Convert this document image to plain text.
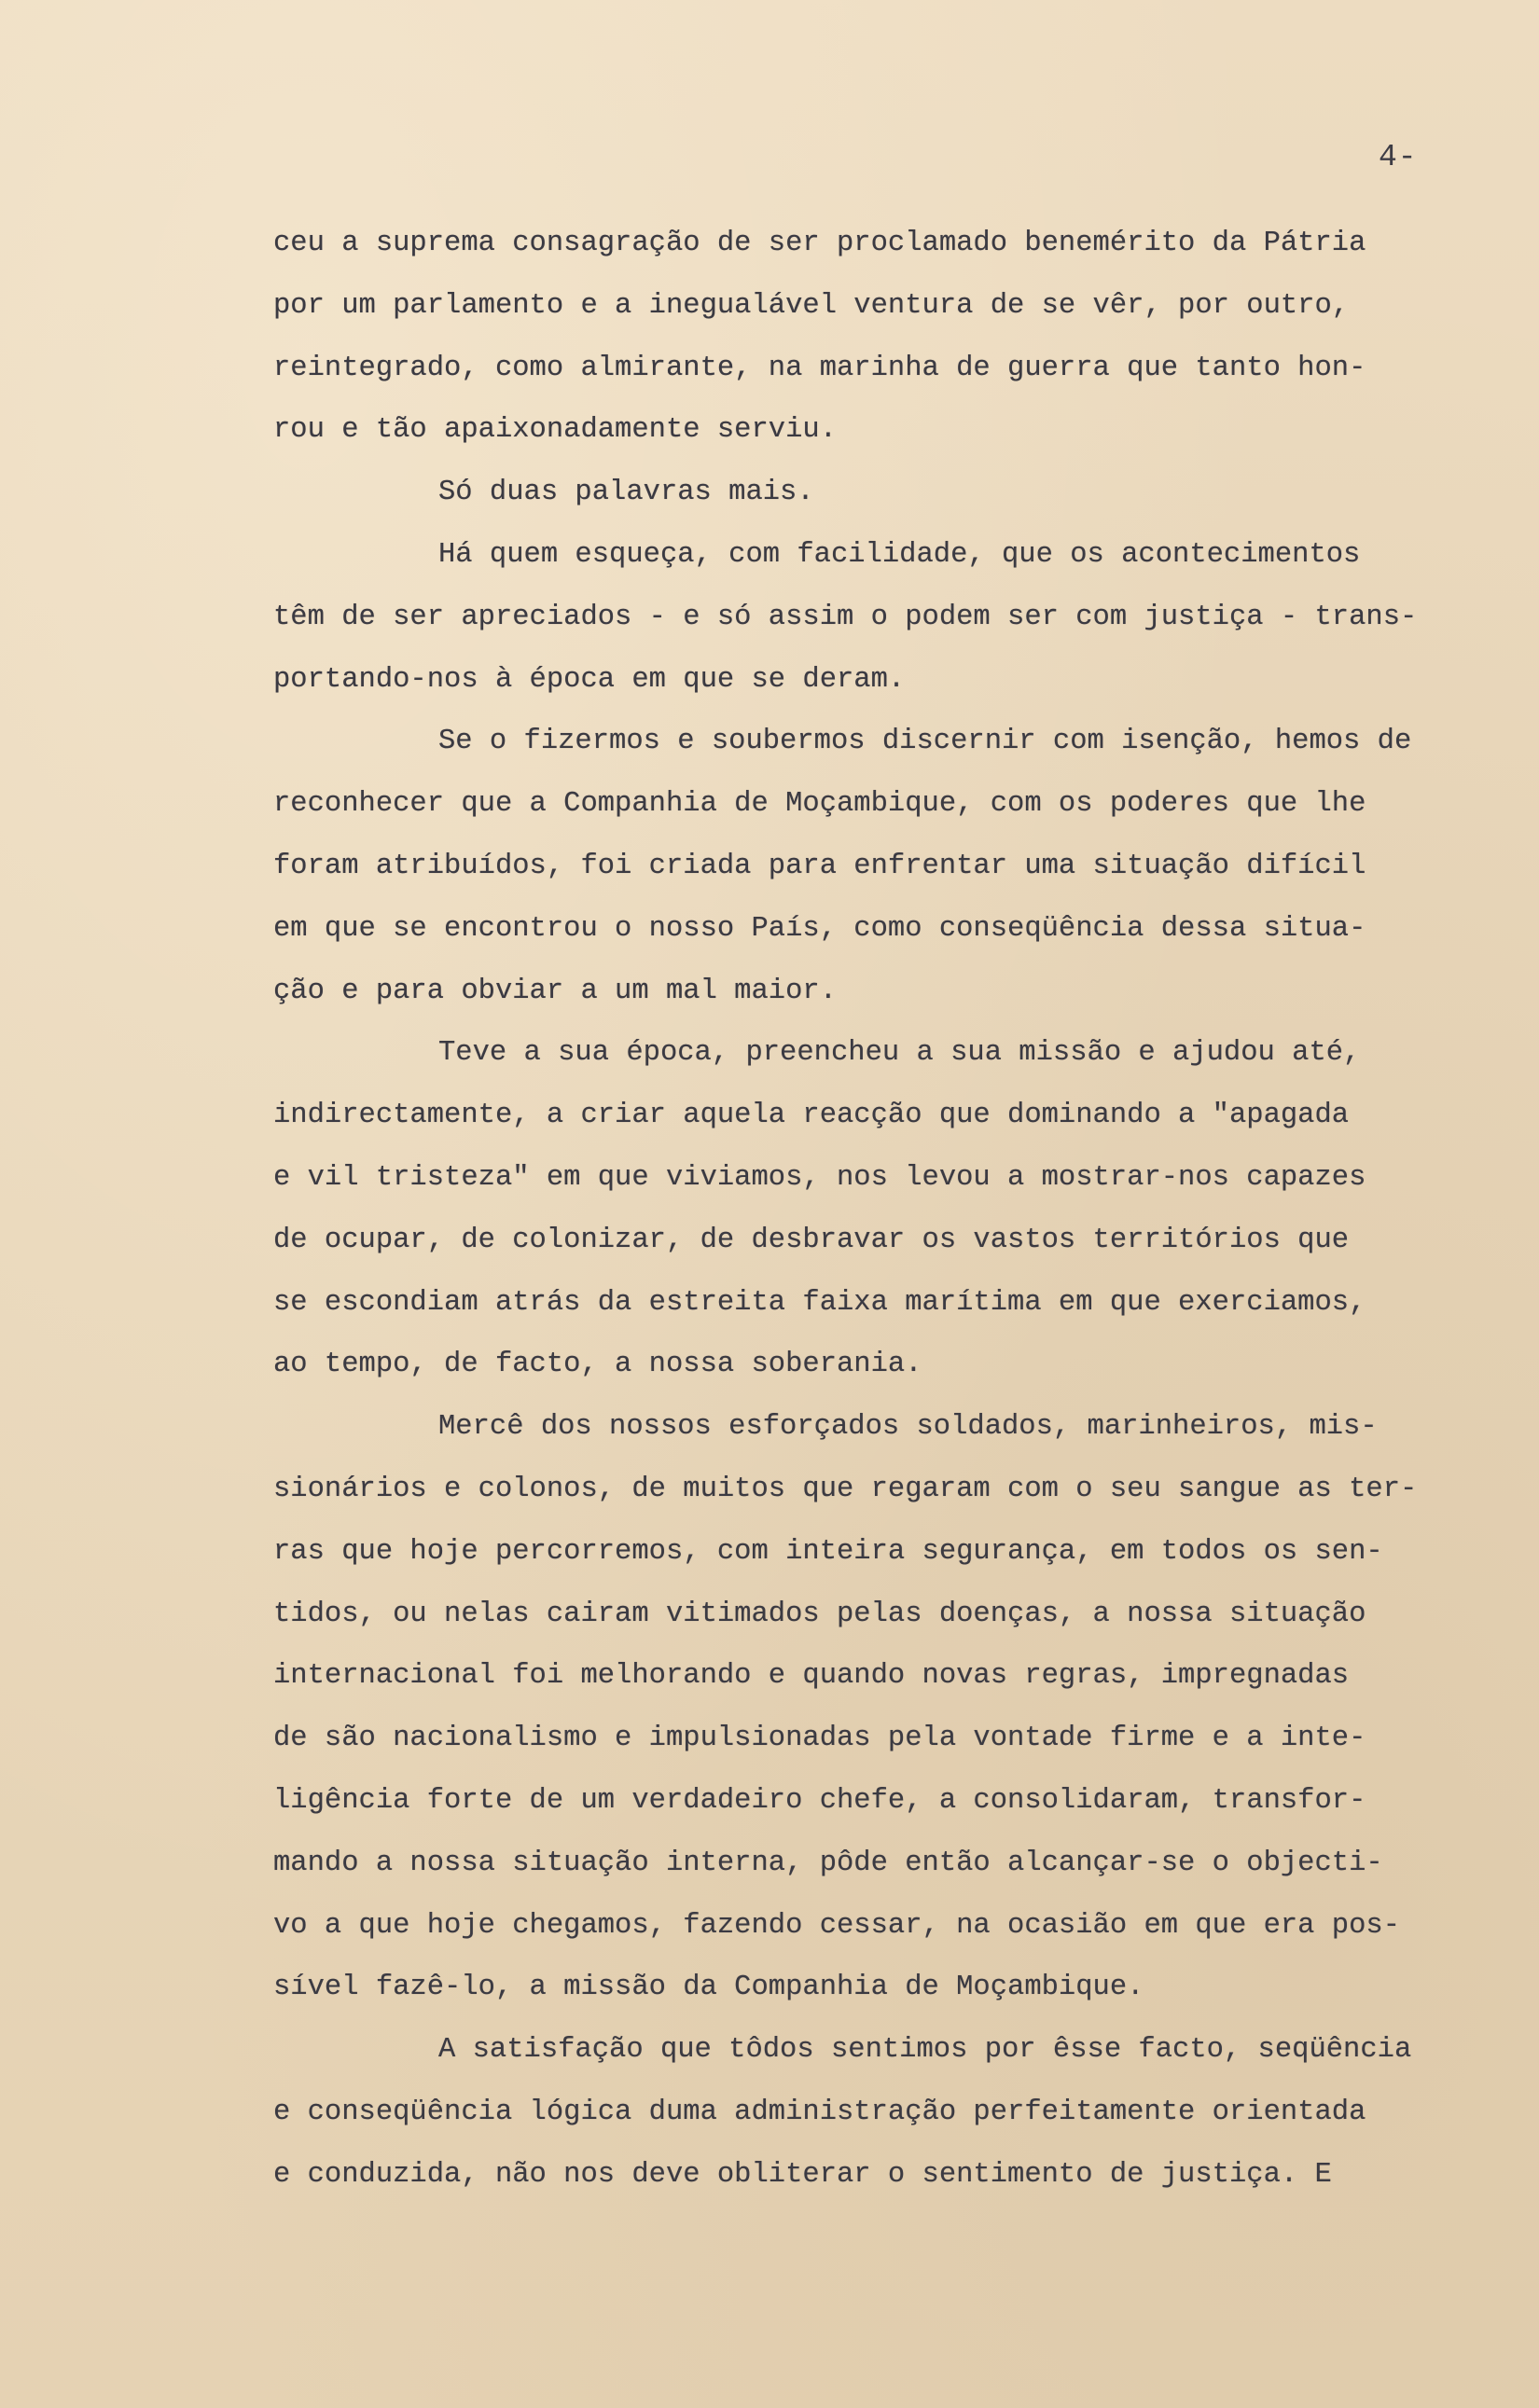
4-
ceu a suprema consagração de ser proclamado benemérito da Pátria
por um parlamento e a inegualável ventura de se vêr, por outro,
reintegrado, como almirante, na marinha de guerra que tanto hon-
rou e tão apaixonadamente serviu.
Só duas palavras mais.
Há quem esqueça, com facilidade, que os acontecimentos
têm de ser apreciados - e só assim o podem ser com justiça - trans-
portando-nos à época em que se deram.
Se o fizermos e soubermos discernir com isenção, hemos de
reconhecer que a Companhia de Moçambique, com os poderes que lhe
foram atribuídos, foi criada para enfrentar uma situação difícil
em que se encontrou o nosso País, como conseqüência dessa situa-
ção e para obviar a um mal maior.
Teve a sua época, preencheu a sua missão e ajudou até,
indirectamente, a criar aquela reacção que dominando a "apagada
e vil tristeza" em que viviamos, nos levou a mostrar-nos capazes
de ocupar, de colonizar, de desbravar os vastos territórios que
se escondiam atrás da estreita faixa marítima em que exerciamos,
ao tempo, de facto, a nossa soberania.
Mercê dos nossos esforçados soldados, marinheiros, mis-
sionários e colonos, de muitos que regaram com o seu sangue as ter-
ras que hoje percorremos, com inteira segurança, em todos os sen-
tidos, ou nelas cairam vitimados pelas doenças, a nossa situação
internacional foi melhorando e quando novas regras, impregnadas
de são nacionalismo e impulsionadas pela vontade firme e a inte-
ligência forte de um verdadeiro chefe, a consolidaram, transfor-
mando a nossa situação interna, pôde então alcançar-se o objecti-
vo a que hoje chegamos, fazendo cessar, na ocasião em que era pos-
sível fazê-lo, a missão da Companhia de Moçambique.
A satisfação que tôdos sentimos por êsse facto, seqüência
e conseqüência lógica duma administração perfeitamente orientada
e conduzida, não nos deve obliterar o sentimento de justiça. E
